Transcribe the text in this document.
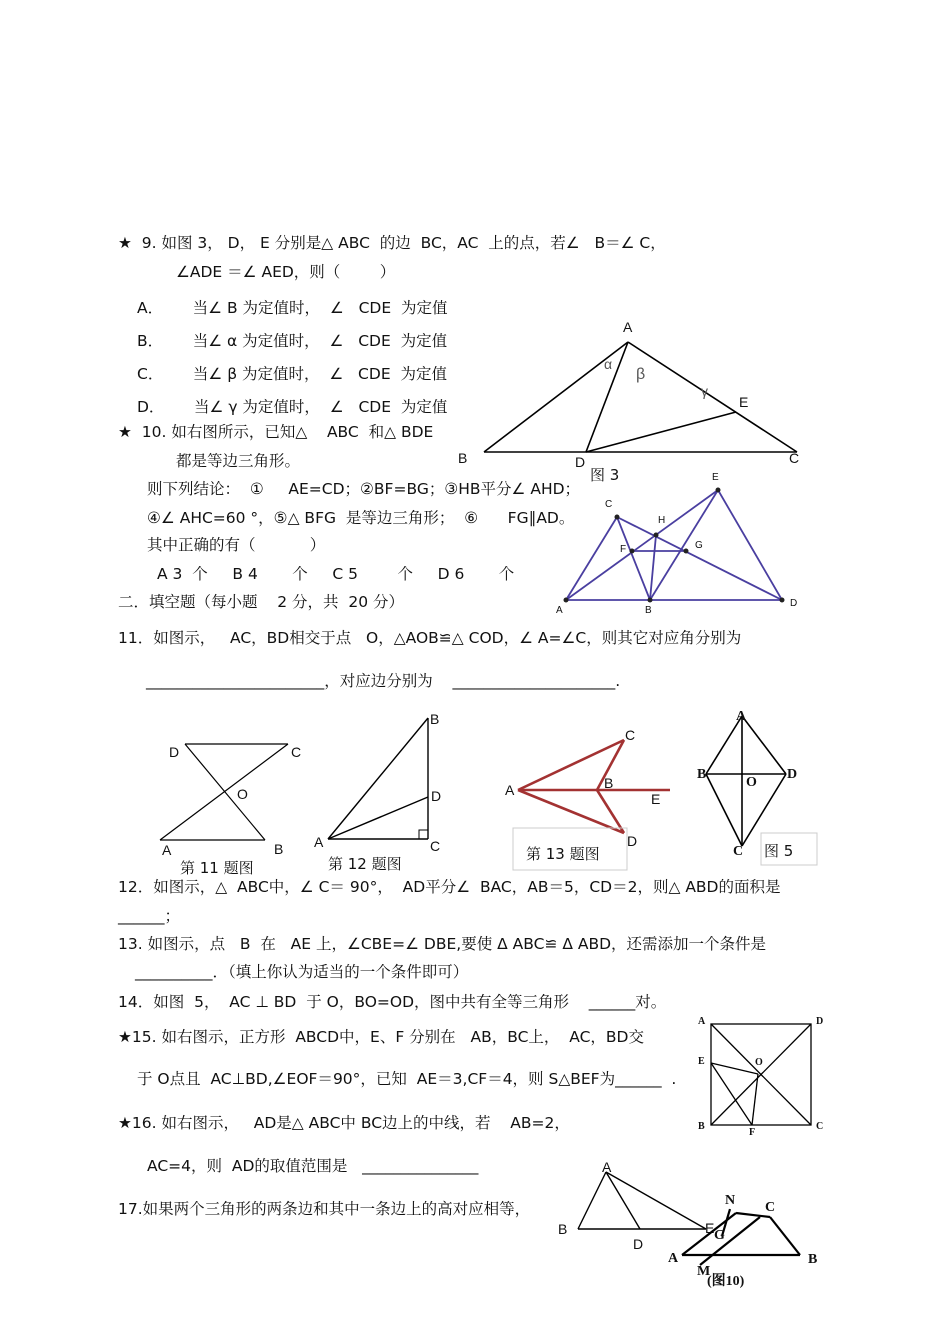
★  9. 如图 3， D， E 分别是△ ABC  的边  BC，AC  上的点，若∠   B＝∠ C，
∠ADE ＝∠ AED，则（        ）
A．      当∠ B 为定值时，  ∠   CDE  为定值
B．      当∠ α 为定值时，  ∠   CDE  为定值
C．      当∠ β 为定值时，  ∠   CDE  为定值
D．      当∠ γ 为定值时，  ∠   CDE  为定值
A
α
β
γ
E
B	D	C
图 3
★  10. 如右图所示，已知△    ABC  和△ BDE
都是等边三角形。
则下列结论：  ①     AE=CD；②BF=BG；③HB平分∠ AHD；
④∠ AHC=60 °，⑤△ BFG  是等边三角形；  ⑥      FG∥AD。
其中正确的有（           ）
A 3  个     B 4       个     C 5        个     D 6       个
E
C
H
F	G
A	B
D
二．填空题（每小题    2 分，共  20 分）
11．如图示，   AC，BD相交于点   O，△AOB≌△ COD，∠ A=∠C，则其它对应角分别为
_______________________，对应边分别为    _____________________.
D	C
O
A	B
第 11 题图
B
D
A	C
第 12 题图
C
A	B
E
D
第 13 题图
A
B
O
D
C 图 5
12．如图示，△  ABC中，∠ C＝ 90°，  AD平分∠  BAC，AB＝5，CD＝2，则△ ABD的面积是
______；
13. 如图示，点   B  在   AE 上，∠CBE=∠ DBE,要使 Δ ABC≌ Δ ABD，还需添加一个条件是
__________．（填上你认为适当的一个条件即可）
14．如图  5，  AC ⊥ BD  于 O，BO=OD，图中共有全等三角形    ______对。
★15. 如右图示，正方形  ABCD中，E、F 分别在   AB，BC上，  AC，BD交
于 O点且  AC⊥BD,∠EOF＝90°，已知  AE＝3,CF＝4，则 S△BEF为______  .
A	D
E	O
B
F
C
★16. 如右图示，   AD是△ ABC中 BC边上的中线，若    AB=2，
AC=4，则  AD的取值范围是   _______________
17.如果两个三角形的两条边和其中一条边上的高对应相等，
A
B
D
E
N C
G
A	B
M
(图10)
